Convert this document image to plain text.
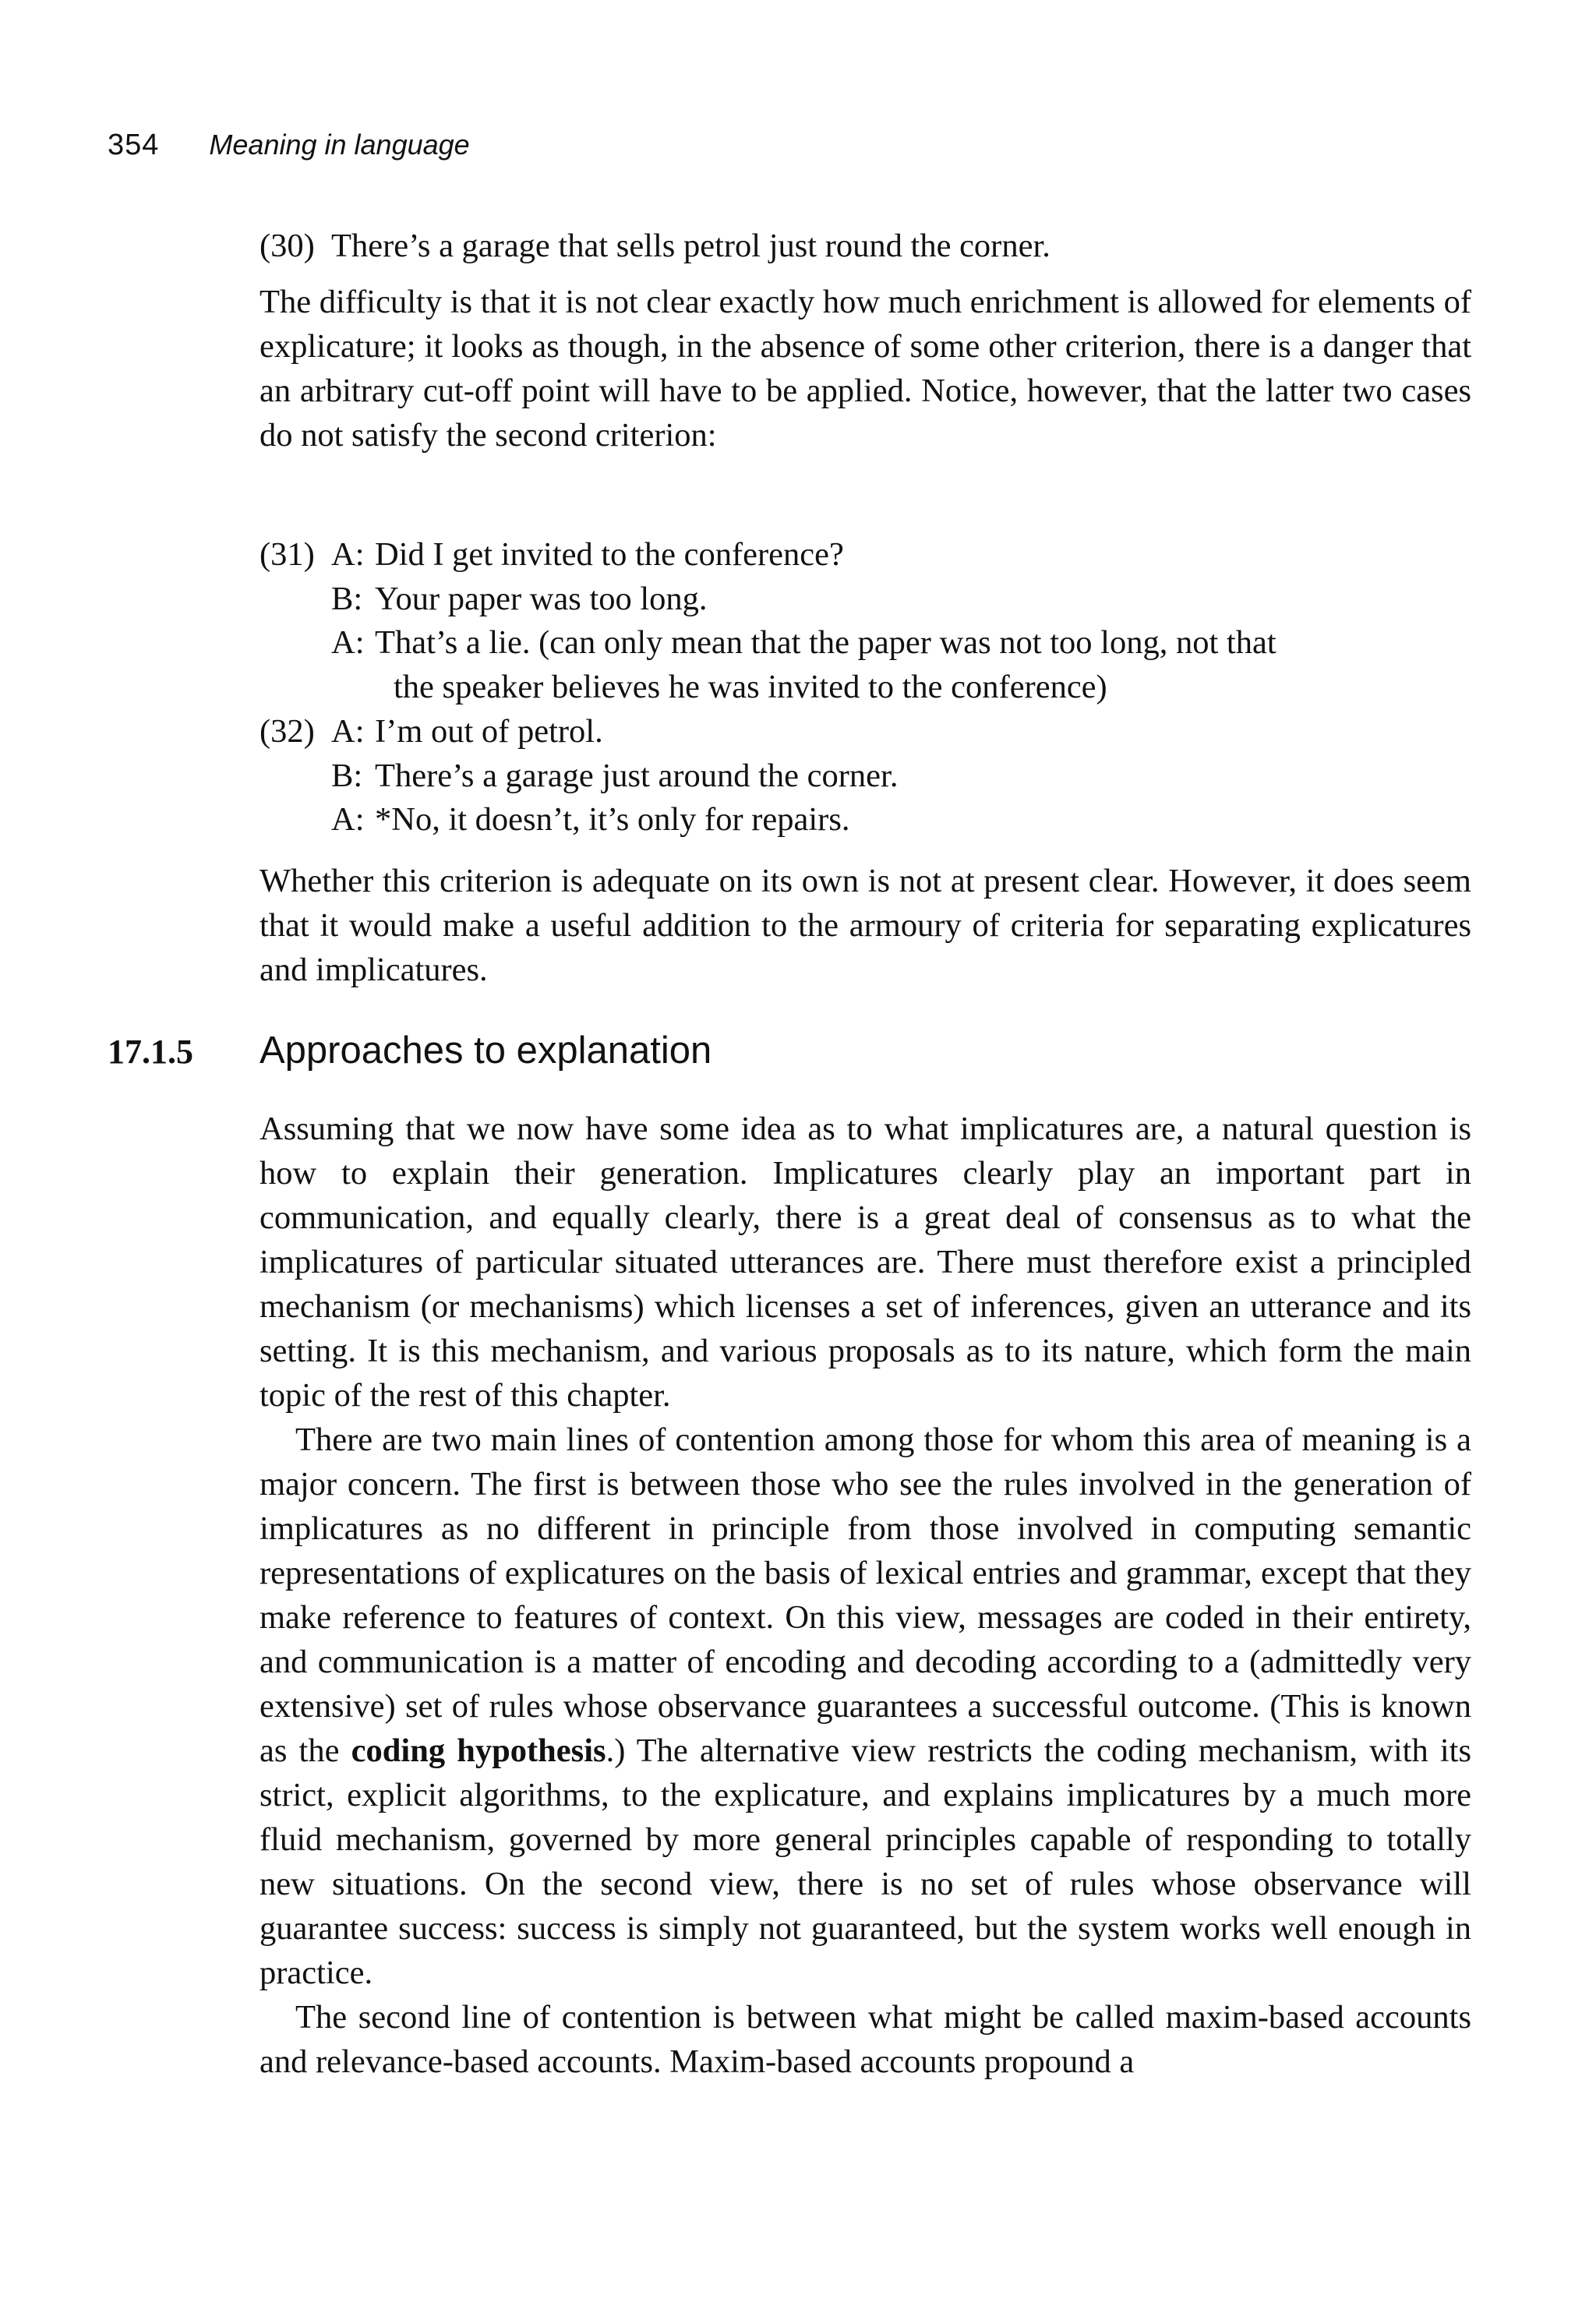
354 Meaning in language
(30) There’s a garage that sells petrol just round the corner.

The difficulty is that it is not clear exactly how much enrichment is allowed for elements of explicature; it looks as though, in the absence of some other criterion, there is a danger that an arbitrary cut-off point will have to be applied. Notice, however, that the latter two cases do not satisfy the second criterion:

(31) A: Did I get invited to the conference?
B: Your paper was too long.
A: That’s a lie. (can only mean that the paper was not too long, not that
the speaker believes he was invited to the conference)
(32) A: I’m out of petrol.
B: There’s a garage just around the corner.
A: *No, it doesn’t, it’s only for repairs.

Whether this criterion is adequate on its own is not at present clear. However, it does seem that it would make a useful addition to the armoury of criteria for separating explicatures and implicatures.

17.1.5 Approaches to explanation

Assuming that we now have some idea as to what implicatures are, a natural question is how to explain their generation. Implicatures clearly play an important part in communication, and equally clearly, there is a great deal of consensus as to what the implicatures of particular situated utterances are. There must therefore exist a principled mechanism (or mechanisms) which licenses a set of inferences, given an utterance and its setting. It is this mechanism, and various proposals as to its nature, which form the main topic of the rest of this chapter.

There are two main lines of contention among those for whom this area of meaning is a major concern. The first is between those who see the rules involved in the generation of implicatures as no different in principle from those involved in computing semantic representations of explicatures on the basis of lexical entries and grammar, except that they make reference to features of context. On this view, messages are coded in their entirety, and communication is a matter of encoding and decoding according to a (admittedly very extensive) set of rules whose observance guarantees a successful outcome. (This is known as the coding hypothesis.) The alternative view restricts the coding mechanism, with its strict, explicit algorithms, to the explicature, and explains implicatures by a much more fluid mechanism, governed by more general principles capable of responding to totally new situations. On the second view, there is no set of rules whose observance will guarantee success: success is simply not guaranteed, but the system works well enough in practice.

The second line of contention is between what might be called maxim-based accounts and relevance-based accounts. Maxim-based accounts propound a
